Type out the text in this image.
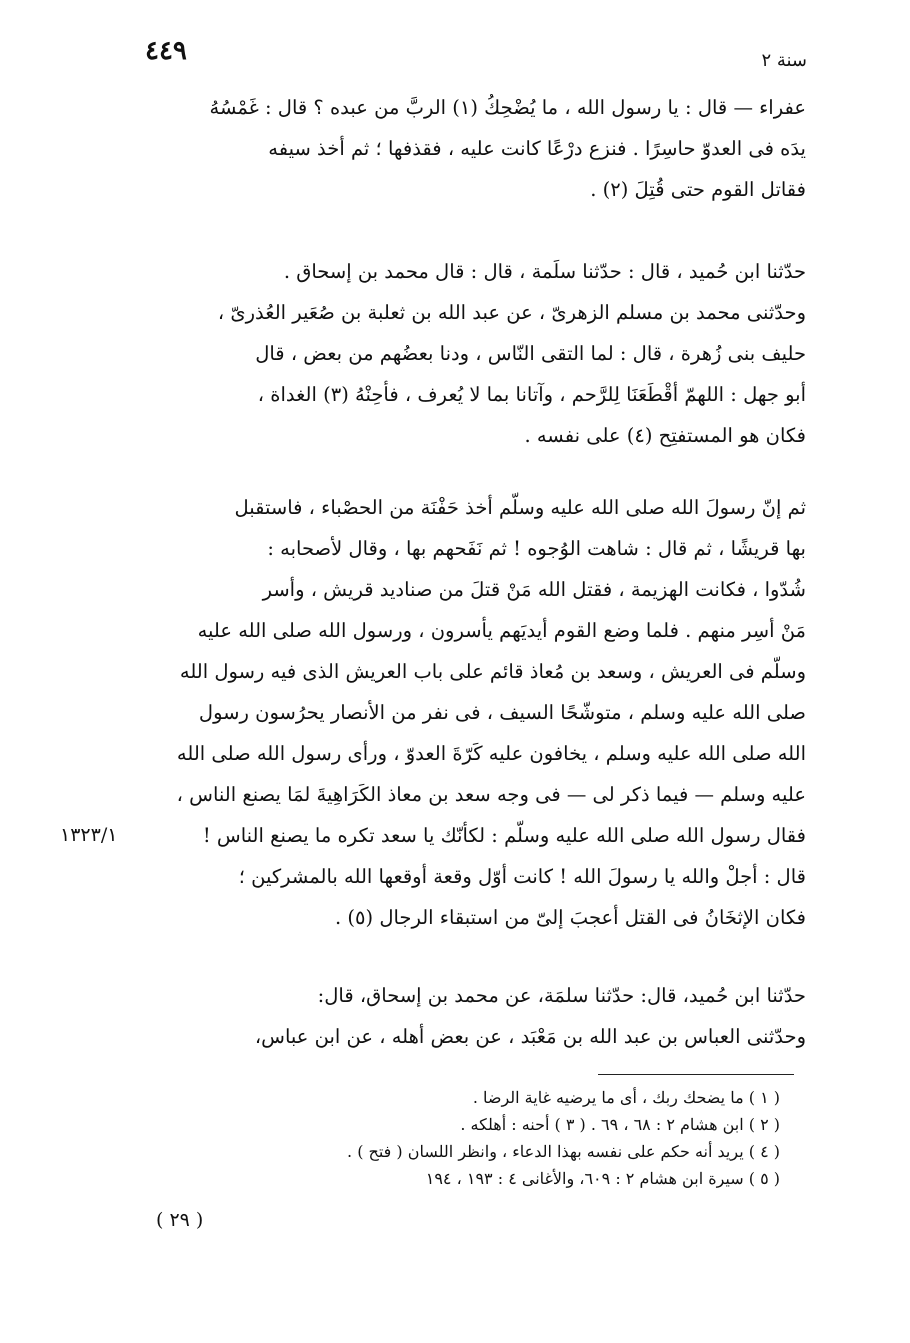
٤٤٩	سنة ٢
عفراء — قال : يا رسول الله ، ما يُضْحِكُ (١) الربَّ من عبده ؟ قال : غَمْسُهُ
يدَه فى العدوّ حاسِرًا . فنزع درْعًا كانت عليه ، فقذفها ؛ ثم أخذ سيفه
فقاتل القوم حتى قُتِلَ (٢) .
حدّثنا ابن حُميد ، قال : حدّثنا سلَمة ، قال : قال محمد بن إسحاق .
وحدّثنى محمد بن مسلم الزهرىّ ، عن عبد الله بن ثعلبة بن صُعَير العُذرىّ ،
حليف بنى زُهرة ، قال : لما التقى النّاس ، ودنا بعضُهم من بعض ، قال
أبو جهل : اللهمّ أقْطَعَنَا لِلرَّحم ، وآتانا بما لا يُعرف ، فأحِنْهُ (٣) الغداة ،
فكان هو المستفتِح (٤) على نفسه .
ثم إنّ رسولَ الله صلى الله عليه وسلّم أخذ حَفْنَة من الحصْباء ، فاستقبل
بها قريشًا ، ثم قال : شاهت الوُجوه ! ثم نَفَحهم بها ، وقال لأصحابه :
شُدّوا ، فكانت الهزيمة ، فقتل الله مَنْ قتلَ من صناديد قريش ، وأسر
مَنْ أسِر منهم . فلما وضع القوم أيديَهم يأسرون ، ورسول الله صلى الله عليه
وسلّم فى العريش ، وسعد بن مُعاذ قائم على باب العريش الذى فيه رسول الله
صلى الله عليه وسلم ، متوشّحًا السيف ، فى نفر من الأنصار يحرُسون رسول
الله صلى الله عليه وسلم ، يخافون عليه كَرّةَ العدوّ ، ورأى رسول الله صلى الله
عليه وسلم — فيما ذكر لى — فى وجه سعد بن معاذ الكَرَاهِيةَ لمَا يصنع الناس ،
فقال رسول الله صلى الله عليه وسلّم : لكأنّك يا سعد تكره ما يصنع الناس !
قال : أجلْ والله يا رسولَ الله ! كانت أوّل وقعة أوقعها الله بالمشركين ؛
فكان الإثخَانُ فى القتل أعجبَ إلىّ من استبقاء الرجال (٥) .
١٣٢٣/١
حدّثنا ابن حُميد، قال: حدّثنا سلمَة، عن محمد بن إسحاق، قال:
وحدّثنى العباس بن عبد الله بن مَعْبَد ، عن بعض أهله ، عن ابن عباس،
( ١ ) ما يضحك ربك ، أى ما يرضيه غاية الرضا .
( ٢ ) ابن هشام ٢ : ٦٨ ، ٦٩ . ( ٣ ) أحنه : أهلكه .
( ٤ ) يريد أنه حكم على نفسه بهذا الدعاء ، وانظر اللسان ( فتح ) .
( ٥ ) سيرة ابن هشام ٢ : ٦٠٩، والأغانى ٤ : ١٩٣ ، ١٩٤
( ٢٩ )
